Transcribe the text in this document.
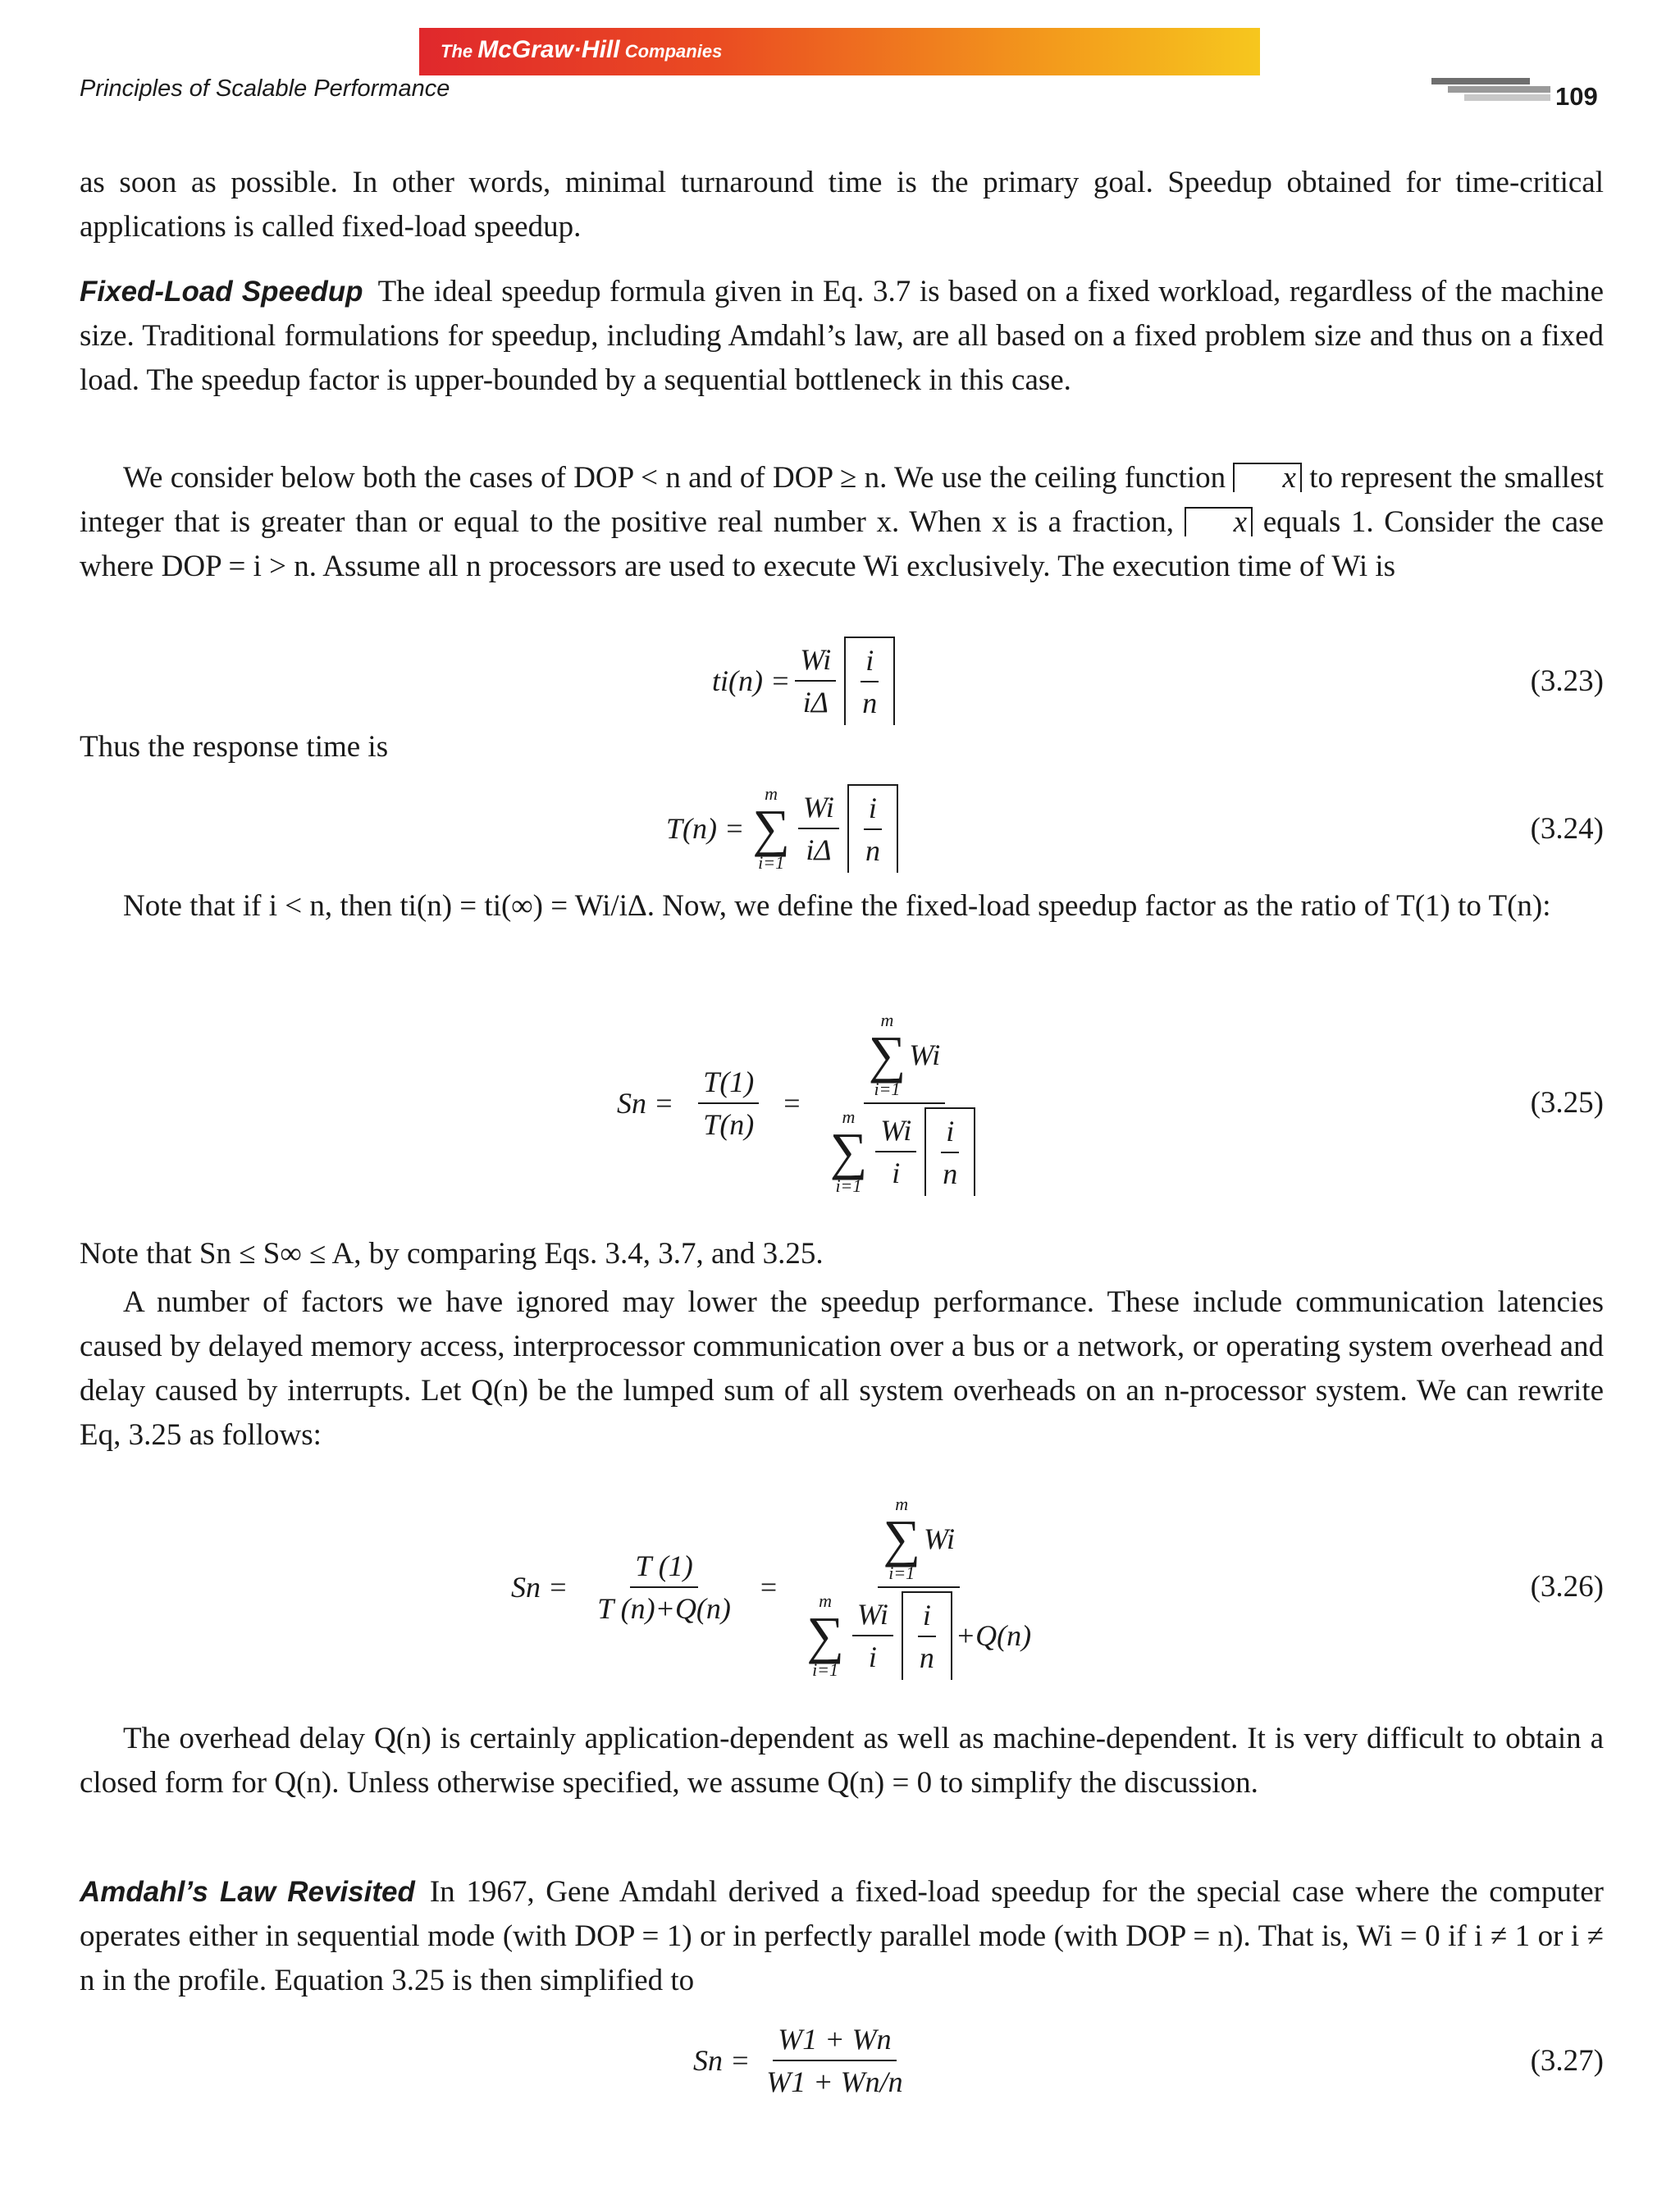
The McGraw·Hill Companies
Principles of Scalable Performance	109

as soon as possible. In other words, minimal turnaround time is the primary goal. Speedup obtained for time-critical applications is called fixed-load speedup.

Fixed-Load Speedup The ideal speedup formula given in Eq. 3.7 is based on a fixed workload, regardless of the machine size. Traditional formulations for speedup, including Amdahl’s law, are all based on a fixed problem size and thus on a fixed load. The speedup factor is upper-bounded by a sequential bottleneck in this case.

We consider below both the cases of DOP < n and of DOP ≥ n. We use the ceiling function x to represent the smallest integer that is greater than or equal to the positive real number x. When x is a fraction, x equals 1. Consider the case where DOP = i > n. Assume all n processors are used to execute Wi exclusively. The execution time of Wi is

$ti(n) = \frac{Wi}{i\Delta} \frac{i}{n}$	(3.23)

Thus the response time is

T(n) =
m
∑
$i=1 \frac{Wi}{i\Delta} \frac{i}{n}$	(3.24)

Note that if i < n, then ti(n) = ti(∞) = Wi/iΔ. Now, we define the fixed-load speedup factor as the ratio of T(1) to T(n):

$Sn = \frac{T(1)}{T(n)} = m$
∑
i=1
Wi
m
∑
$i=1 \frac{Wi}{i} \frac{i}{n}$	(3.25)

Note that Sn ≤ S∞ ≤ A, by comparing Eqs. 3.4, 3.7, and 3.25.

A number of factors we have ignored may lower the speedup performance. These include communication latencies caused by delayed memory access, interprocessor communication over a bus or a network, or operating system overhead and delay caused by interrupts. Let Q(n) be the lumped sum of all system overheads on an n-processor system. We can rewrite Eq, 3.25 as follows:

$Sn = \frac{T (1)}{T (n)+Q(n)} = m$
∑
i=1
Wi
m
∑
$i=1 \frac{Wi}{i} \frac{i}{n} +Q(n)$	(3.26)

The overhead delay Q(n) is certainly application-dependent as well as machine-dependent. It is very difficult to obtain a closed form for Q(n). Unless otherwise specified, we assume Q(n) = 0 to simplify the discussion.

Amdahl’s Law Revisited In 1967, Gene Amdahl derived a fixed-load speedup for the special case where the computer operates either in sequential mode (with DOP = 1) or in perfectly parallel mode (with DOP = n). That is, Wi = 0 if i ≠ 1 or i ≠ n in the profile. Equation 3.25 is then simplified to

$Sn = \frac{W1 + Wn}{W1 + Wn/n}$	(3.27)
